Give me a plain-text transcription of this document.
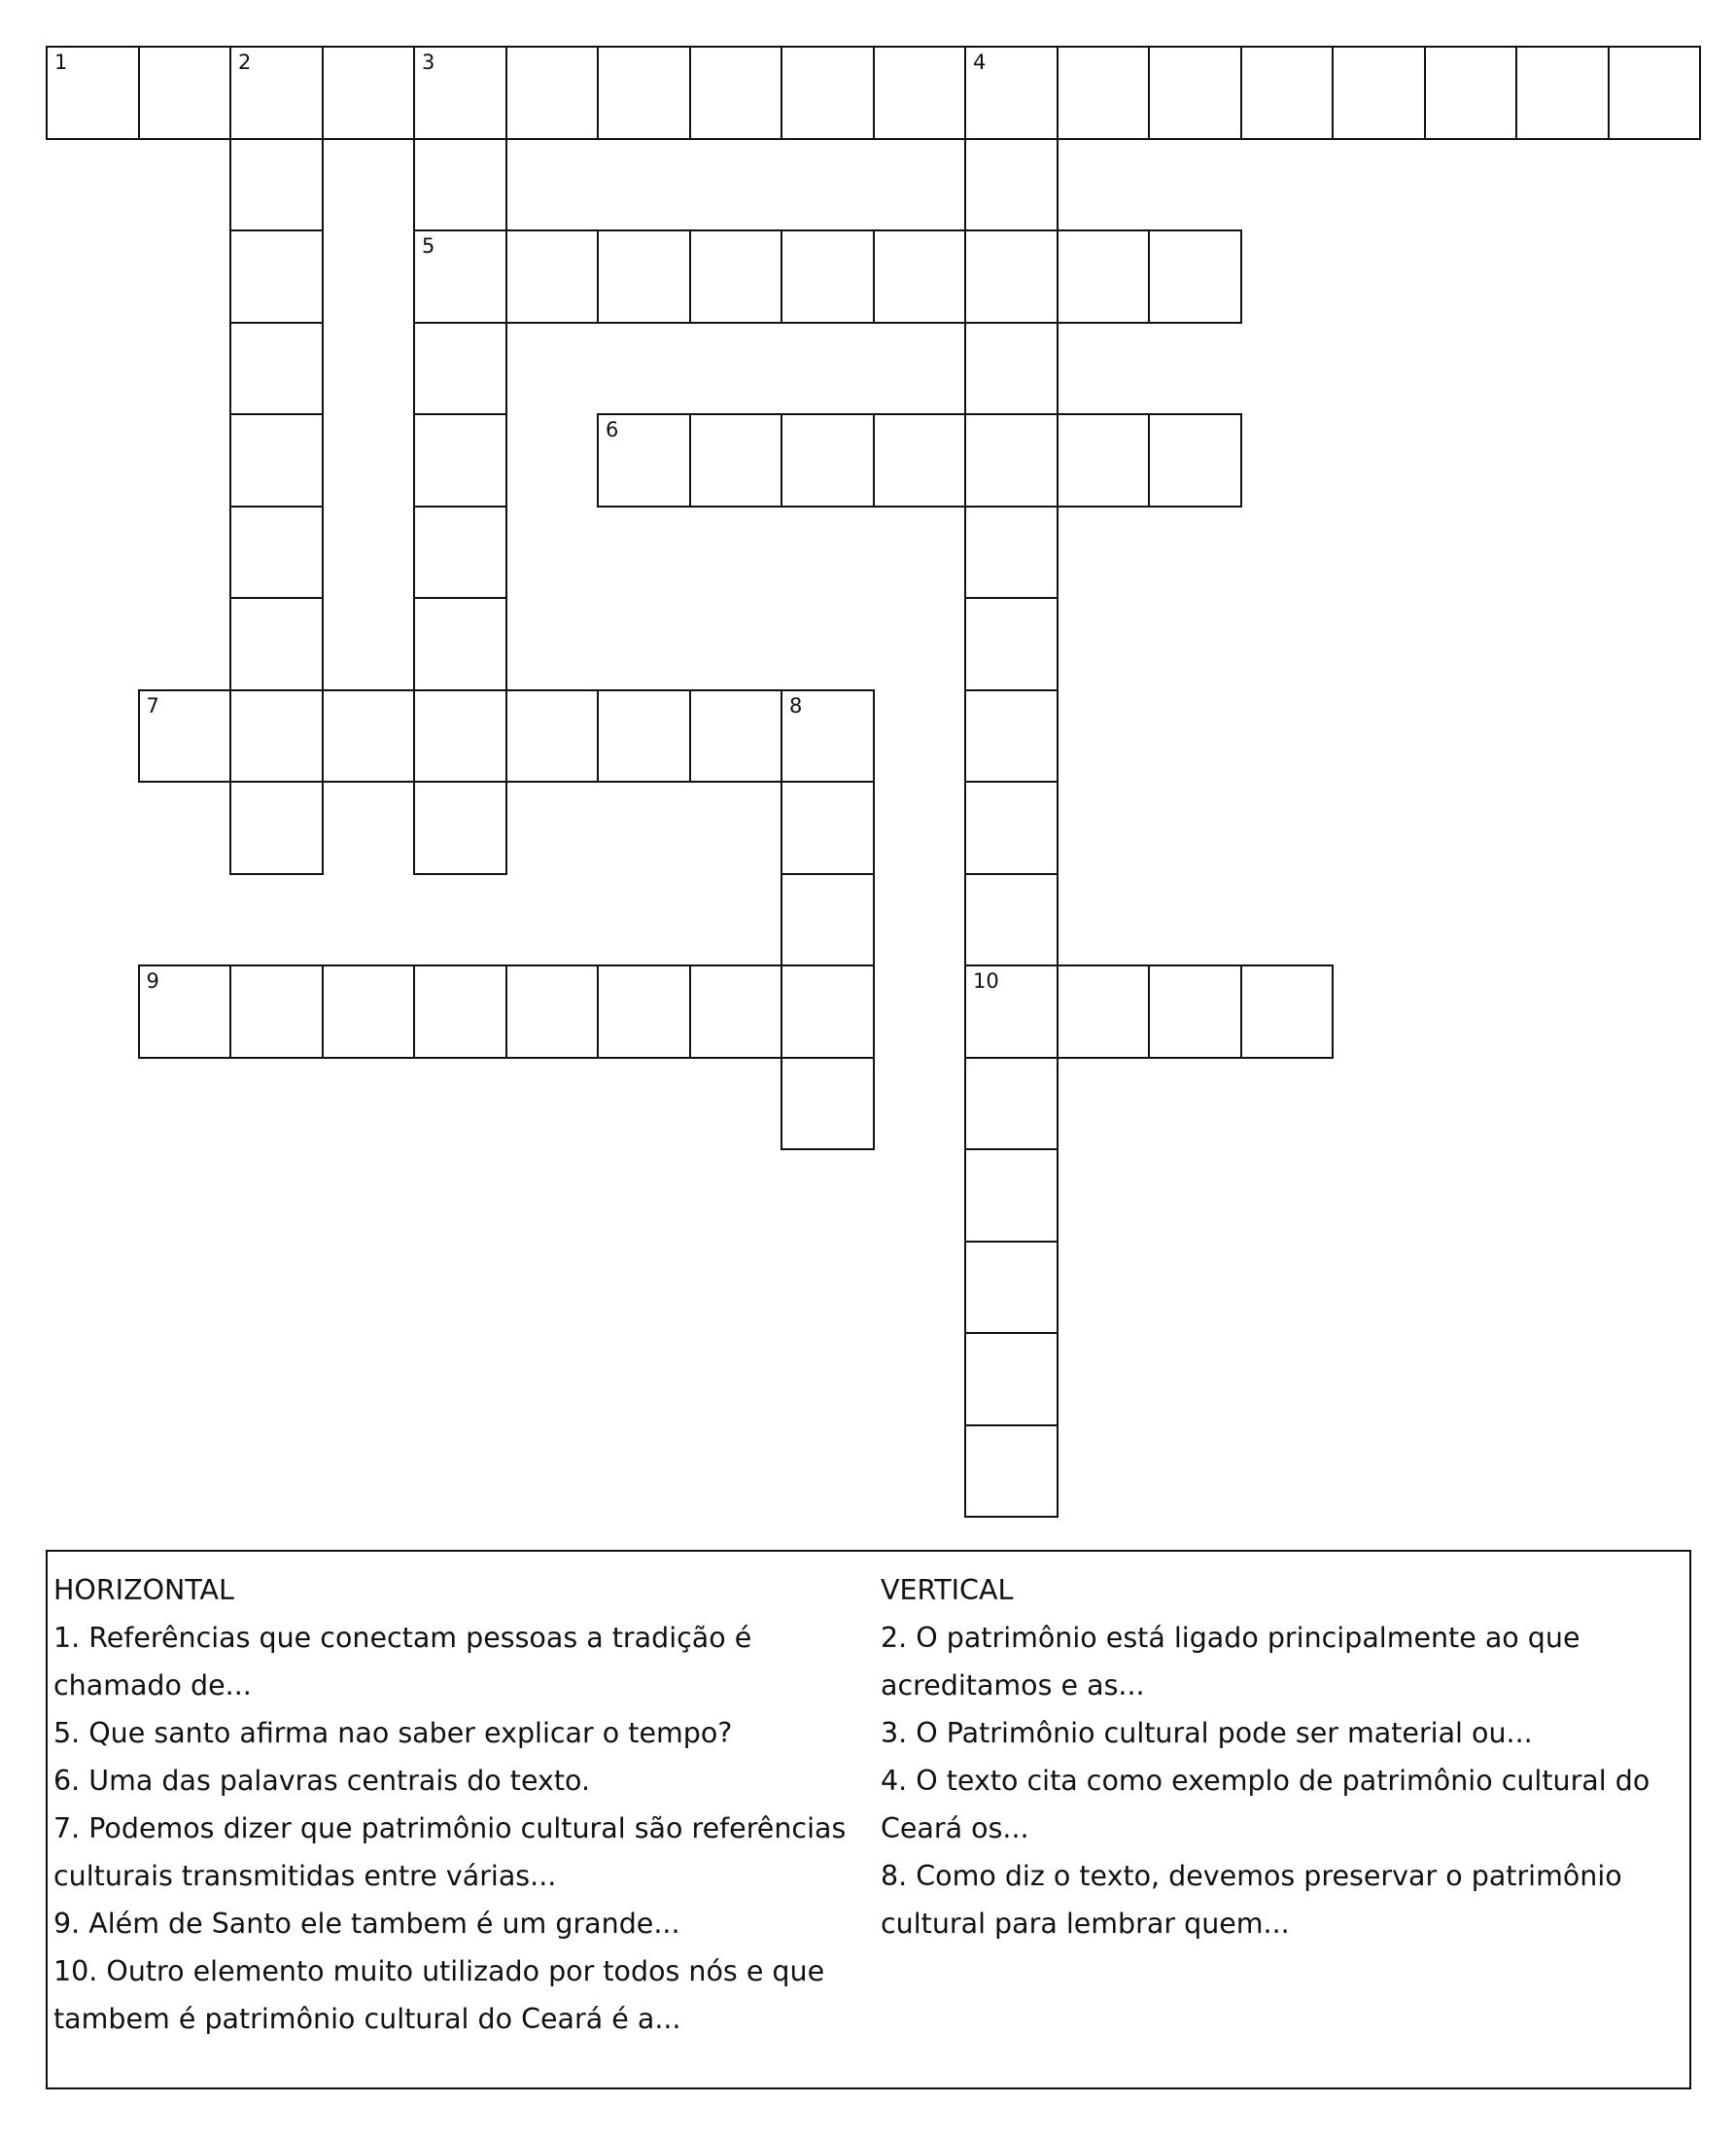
1	2	3	4
5
10
6
7	8
9

HORIZONTAL

1. Referências que conectam pessoas a tradição é chamado de...

5. Que santo afirma nao saber explicar o tempo?

6. Uma das palavras centrais do texto.

7. Podemos dizer que patrimônio cultural são referências culturais transmitidas entre várias...

9. Além de Santo ele tambem é um grande...

10. Outro elemento muito utilizado por todos nós e que tambem é patrimônio cultural do Ceará é a...

VERTICAL

2. O patrimônio está ligado principalmente ao que acreditamos e as...

3. O Patrimônio cultural pode ser material ou...

4. O texto cita como exemplo de patrimônio cultural do Ceará os...

8. Como diz o texto, devemos preservar o patrimônio cultural para lembrar quem...
